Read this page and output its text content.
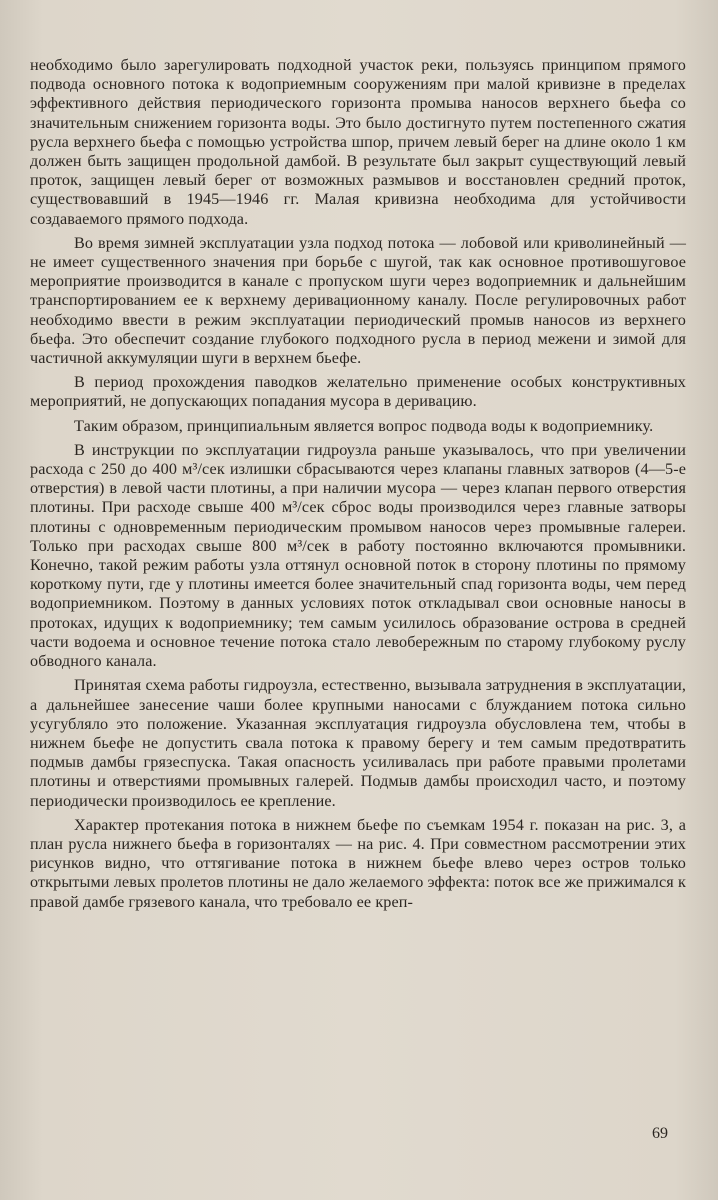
необходимо было зарегулировать подходной участок реки, пользуясь принципом прямого подвода основного потока к водоприемным сооружениям при малой кривизне в пределах эффективного действия периодического горизонта промыва наносов верхнего бьефа со значительным снижением горизонта воды. Это было достигнуто путем постепенного сжатия русла верхнего бьефа с помощью устройства шпор, причем левый берег на длине около 1 км должен быть защищен продольной дамбой. В результате был закрыт существующий левый проток, защищен левый берег от возможных размывов и восстановлен средний проток, существовавший в 1945—1946 гг. Малая кривизна необходима для устойчивости создаваемого прямого подхода.

Во время зимней эксплуатации узла подход потока — лобовой или криволинейный — не имеет существенного значения при борьбе с шугой, так как основное противошуговое мероприятие производится в канале с пропуском шуги через водоприемник и дальнейшим транспортированием ее к верхнему деривационному каналу. После регулировочных работ необходимо ввести в режим эксплуатации периодический промыв наносов из верхнего бьефа. Это обеспечит создание глубокого подходного русла в период межени и зимой для частичной аккумуляции шуги в верхнем бьефе.

В период прохождения паводков желательно применение особых конструктивных мероприятий, не допускающих попадания мусора в деривацию.

Таким образом, принципиальным является вопрос подвода воды к водоприемнику.

В инструкции по эксплуатации гидроузла раньше указывалось, что при увеличении расхода с 250 до 400 м³/сек излишки сбрасываются через клапаны главных затворов (4—5-е отверстия) в левой части плотины, а при наличии мусора — через клапан первого отверстия плотины. При расходе свыше 400 м³/сек сброс воды производился через главные затворы плотины с одновременным периодическим промывом наносов через промывные галереи. Только при расходах свыше 800 м³/сек в работу постоянно включаются промывники. Конечно, такой режим работы узла оттянул основной поток в сторону плотины по прямому короткому пути, где у плотины имеется более значительный спад горизонта воды, чем перед водоприемником. Поэтому в данных условиях поток откладывал свои основные наносы в протоках, идущих к водоприемнику; тем самым усилилось образование острова в средней части водоема и основное течение потока стало левобережным по старому глубокому руслу обводного канала.

Принятая схема работы гидроузла, естественно, вызывала затруднения в эксплуатации, а дальнейшее занесение чаши более крупными наносами с блужданием потока сильно усугубляло это положение. Указанная эксплуатация гидроузла обусловлена тем, чтобы в нижнем бьефе не допустить свала потока к правому берегу и тем самым предотвратить подмыв дамбы грязеспуска. Такая опасность усиливалась при работе правыми пролетами плотины и отверстиями промывных галерей. Подмыв дамбы происходил часто, и поэтому периодически производилось ее крепление.

Характер протекания потока в нижнем бьефе по съемкам 1954 г. показан на рис. 3, а план русла нижнего бьефа в горизонталях — на рис. 4. При совместном рассмотрении этих рисунков видно, что оттягивание потока в нижнем бьефе влево через остров только открытыми левых пролетов плотины не дало желаемого эффекта: поток все же прижимался к правой дамбе грязевого канала, что требовало ее креп-

69
